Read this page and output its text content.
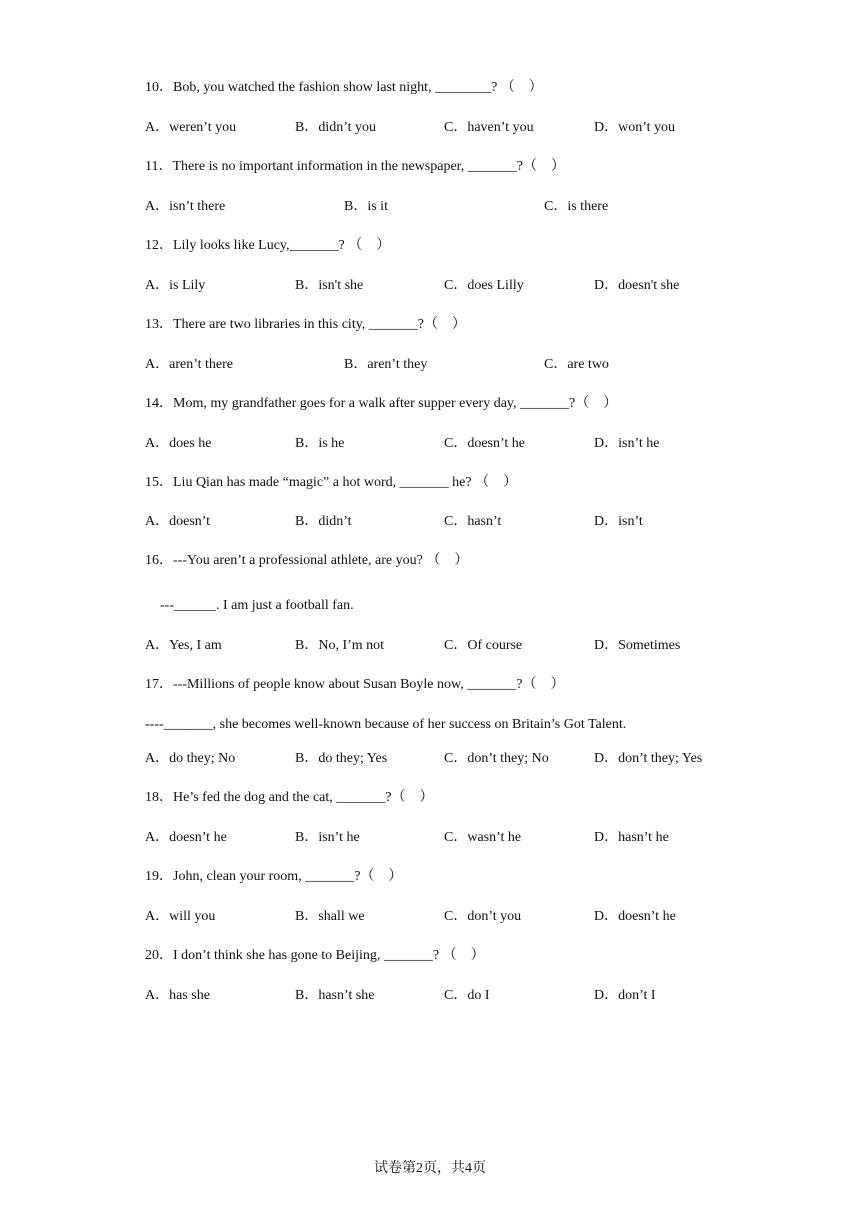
10．Bob, you watched the fashion show last night, ________? （　）
A．weren’t you	B．didn’t you	C．haven’t you	D．won’t you
11．There is no important information in the newspaper, _______?（　）
A．isn’t there	B．is it	C．is there
12．Lily looks like Lucy,_______? （　）
A．is Lily	B．isn't she	C．does Lilly	D．doesn't she
13．There are two libraries in this city, _______?（　）
A．aren’t there	B．aren’t they	C．are two
14．Mom, my grandfather goes for a walk after supper every day, _______?（　）
A．does he	B．is he	C．doesn’t he	D．isn’t he
15．Liu Qian has made “magic” a hot word, _______ he? （　）
A．doesn’t	B．didn’t	C．hasn’t	D．isn’t
16．---You aren’t a professional athlete, are you? （　）
---______. I am just a football fan.
A．Yes, I am	B．No, I’m not	C．Of course	D．Sometimes
17．---Millions of people know about Susan Boyle now, _______?（　）
----_______, she becomes well-known because of her success on Britain’s Got Talent.
A．do they; No	B．do they; Yes	C．don’t they; No	D．don’t they; Yes
18．He’s fed the dog and the cat, _______?（　）
A．doesn’t he	B．isn’t he	C．wasn’t he	D．hasn’t he
19．John, clean your room, _______?（　）
A．will you	B．shall we	C．don’t you	D．doesn’t he
20．I don’t think she has gone to Beijing, _______? （　）
A．has she	B．hasn’t she	C．do I	D．don’t I
试卷第2页，共4页
